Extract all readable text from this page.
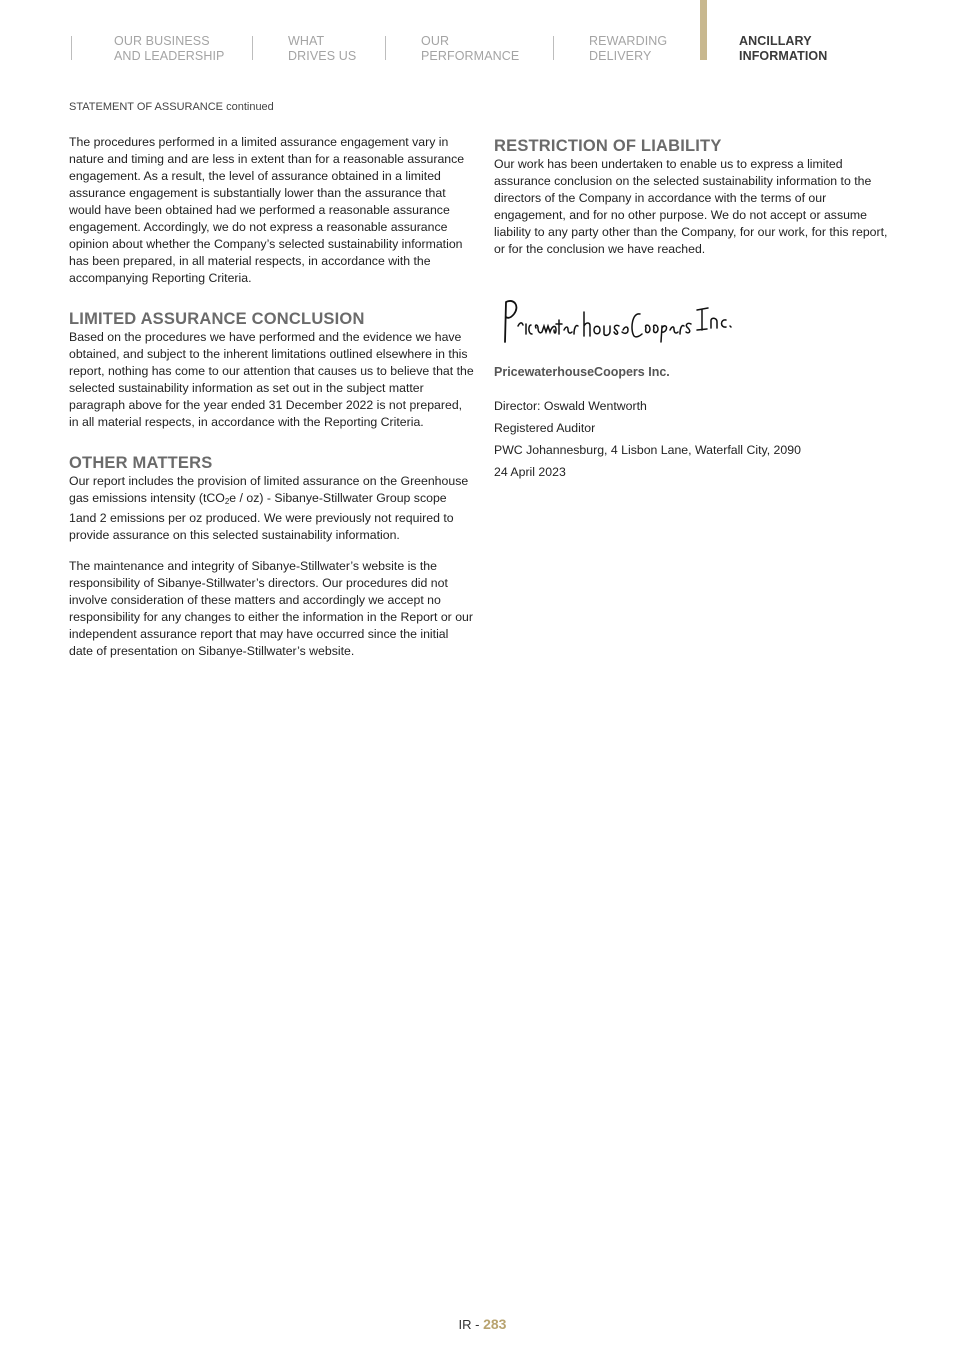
OUR BUSINESS
AND LEADERSHIP
WHAT
DRIVES US
OUR
PERFORMANCE
REWARDING
DELIVERY
ANCILLARY
INFORMATION
STATEMENT OF ASSURANCE continued

The procedures performed in a limited assurance engagement vary in nature and timing and are less in extent than for a reasonable assurance engagement. As a result, the level of assurance obtained in a limited assurance engagement is substantially lower than the assurance that would have been obtained had we performed a reasonable assurance engagement. Accordingly, we do not express a reasonable assurance opinion about whether the Company’s selected sustainability information has been prepared, in all material respects, in accordance with the accompanying Reporting Criteria.

LIMITED ASSURANCE CONCLUSION

Based on the procedures we have performed and the evidence we have obtained, and subject to the inherent limitations outlined elsewhere in this report, nothing has come to our attention that causes us to believe that the selected sustainability information as set out in the subject matter paragraph above for the year ended 31 December 2022 is not prepared, in all material respects, in accordance with the Reporting Criteria.

OTHER MATTERS

Our report includes the provision of limited assurance on the Greenhouse gas emissions intensity (tCO$_2$e / oz) - Sibanye-Stillwater Group scope 1and 2 emissions per oz produced. We were previously not required to provide assurance on this selected sustainability information.

The maintenance and integrity of Sibanye-Stillwater’s website is the responsibility of Sibanye-Stillwater’s directors. Our procedures did not involve consideration of these matters and accordingly we accept no responsibility for any changes to either the information in the Report or our independent assurance report that may have occurred since the initial date of presentation on Sibanye-Stillwater’s website.

RESTRICTION OF LIABILITY

Our work has been undertaken to enable us to express a limited assurance conclusion on the selected sustainability information to the directors of the Company in accordance with the terms of our engagement, and for no other purpose. We do not accept or assume liability to any party other than the Company, for our work, for this report, or for the conclusion we have reached.

PricewaterhouseCoopers Inc.
Director: Oswald Wentworth
Registered Auditor
PWC Johannesburg, 4 Lisbon Lane, Waterfall City, 2090
24 April 2023
IR - 283
